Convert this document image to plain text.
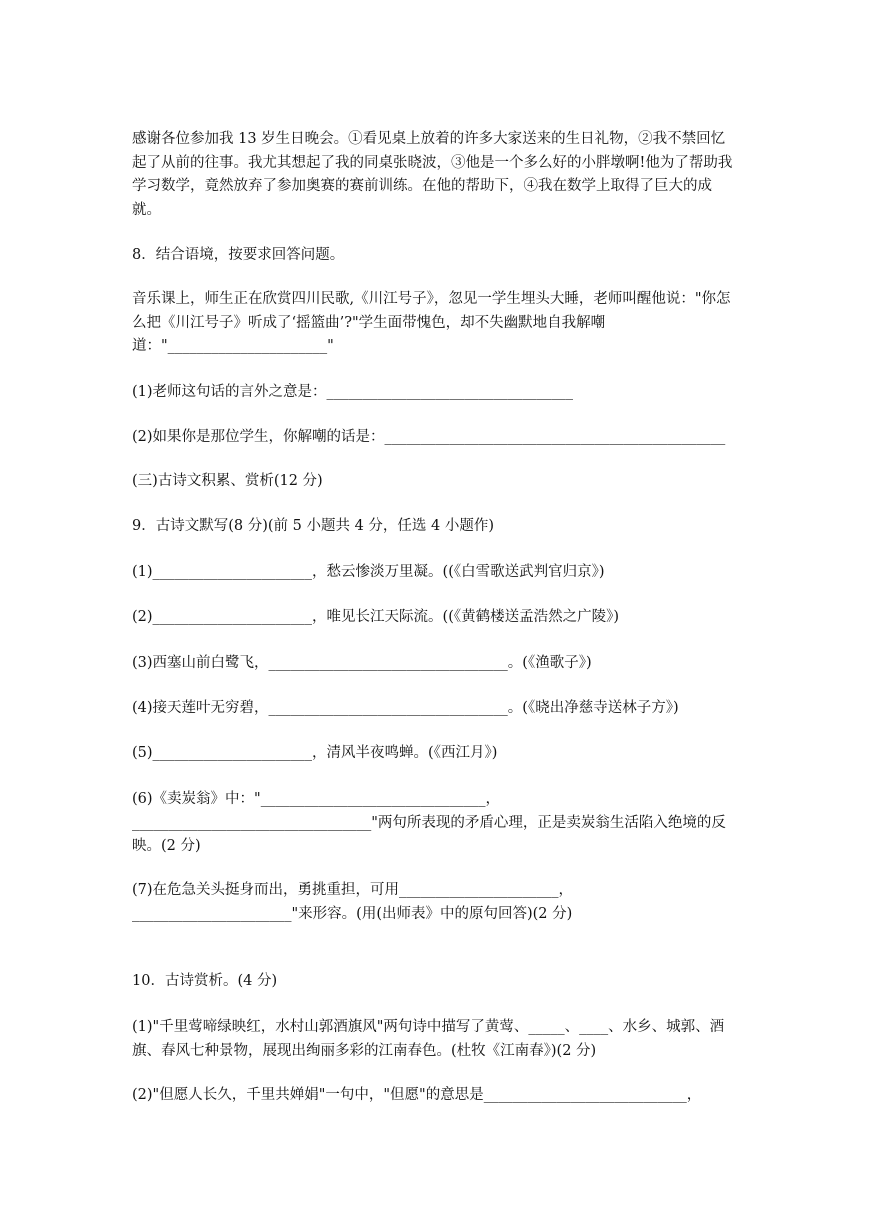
感谢各位参加我 13 岁生日晚会。①看见桌上放着的许多大家送来的生日礼物，②我不禁回忆起了从前的往事。我尤其想起了我的同桌张晓波，③他是一个多么好的小胖墩啊!他为了帮助我学习数学，竟然放弃了参加奥赛的赛前训练。在他的帮助下，④我在数学上取得了巨大的成就。

8．结合语境，按要求回答问题。

音乐课上，师生正在欣赏四川民歌,《川江号子》，忽见一学生埋头大睡，老师叫醒他说："你怎么把《川江号子》听成了‘摇篮曲’?"学生面带愧色，却不失幽默地自我解嘲道："______________________"

(1)老师这句话的言外之意是：__________________________________

(2)如果你是那位学生，你解嘲的话是：_______________________________________________

(三)古诗文积累、赏析(12 分)

9．古诗文默写(8 分)(前 5 小题共 4 分，任选 4 小题作)

(1)______________________，愁云惨淡万里凝。((《白雪歌送武判官归京》)

(2)______________________，唯见长江天际流。((《黄鹤楼送孟浩然之广陵》)

(3)西塞山前白鹭飞，_________________________________。(《渔歌子》)

(4)接天莲叶无穷碧，_________________________________。(《晓出净慈寺送林子方》)

(5)______________________，清风半夜鸣蝉。(《西江月》)

(6)《卖炭翁》中："_______________________________，_________________________________"两句所表现的矛盾心理，正是卖炭翁生活陷入绝境的反映。(2 分)

(7)在危急关头挺身而出，勇挑重担，可用______________________，______________________"来形容。(用(出师表》中的原句回答)(2 分)

10．古诗赏析。(4 分)

(1)"千里莺啼绿映红，水村山郭酒旗风"两句诗中描写了黄莺、_____、____、水乡、城郭、酒旗、春风七种景物，展现出绚丽多彩的江南春色。(杜牧《江南春》)(2 分)

(2)"但愿人长久，千里共婵娟"一句中，"但愿"的意思是____________________________，
